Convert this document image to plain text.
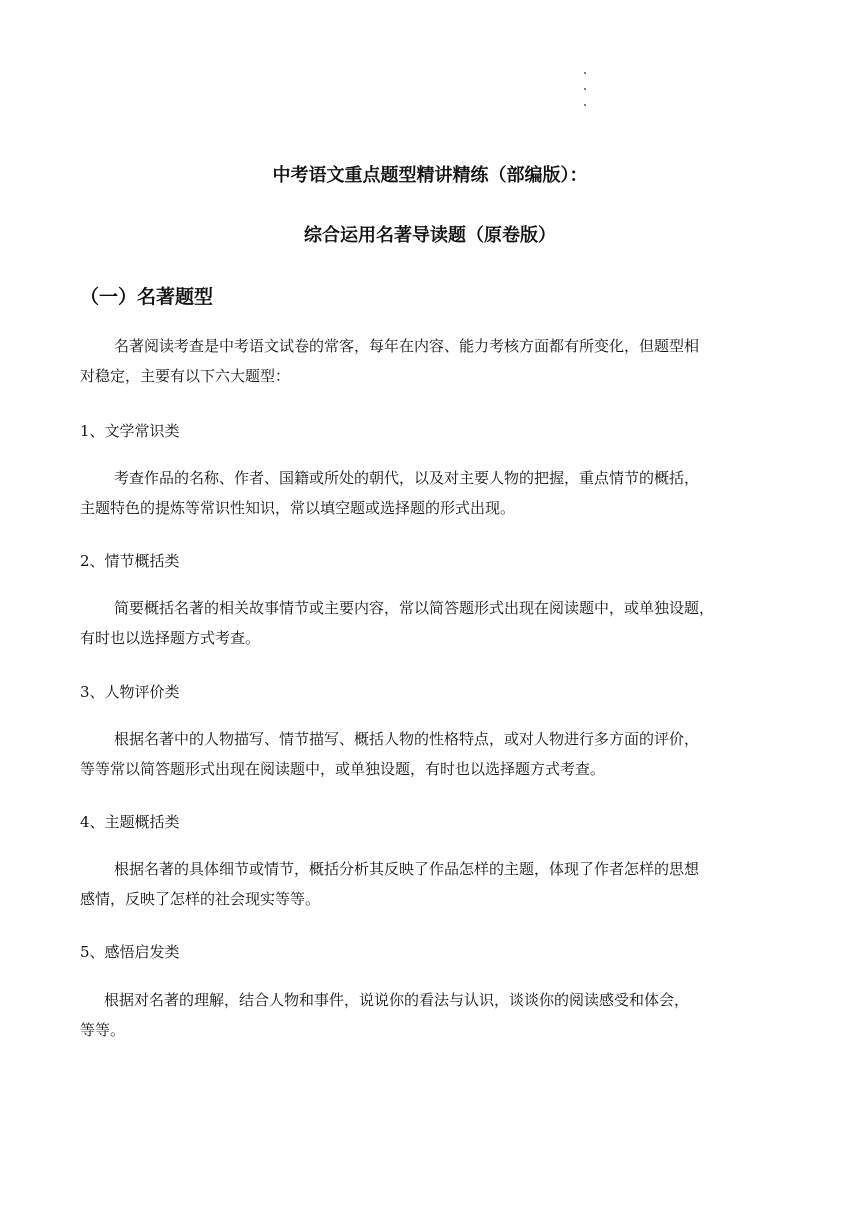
中考语文重点题型精讲精练（部编版）：
综合运用名著导读题（原卷版）
（一）名著题型
名著阅读考查是中考语文试卷的常客，每年在内容、能力考核方面都有所变化，但题型相
对稳定，主要有以下六大题型：
1、文学常识类
考查作品的名称、作者、国籍或所处的朝代，以及对主要人物的把握，重点情节的概括，
主题特色的提炼等常识性知识，常以填空题或选择题的形式出现。
2、情节概括类
简要概括名著的相关故事情节或主要内容，常以简答题形式出现在阅读题中，或单独设题，
有时也以选择题方式考查。
3、人物评价类
根据名著中的人物描写、情节描写、概括人物的性格特点，或对人物进行多方面的评价，
等等常以简答题形式出现在阅读题中，或单独设题，有时也以选择题方式考查。
4、主题概括类
根据名著的具体细节或情节，概括分析其反映了作品怎样的主题，体现了作者怎样的思想
感情，反映了怎样的社会现实等等。
5、感悟启发类
根据对名著的理解，结合人物和事件，说说你的看法与认识，谈谈你的阅读感受和体会，
等等。
